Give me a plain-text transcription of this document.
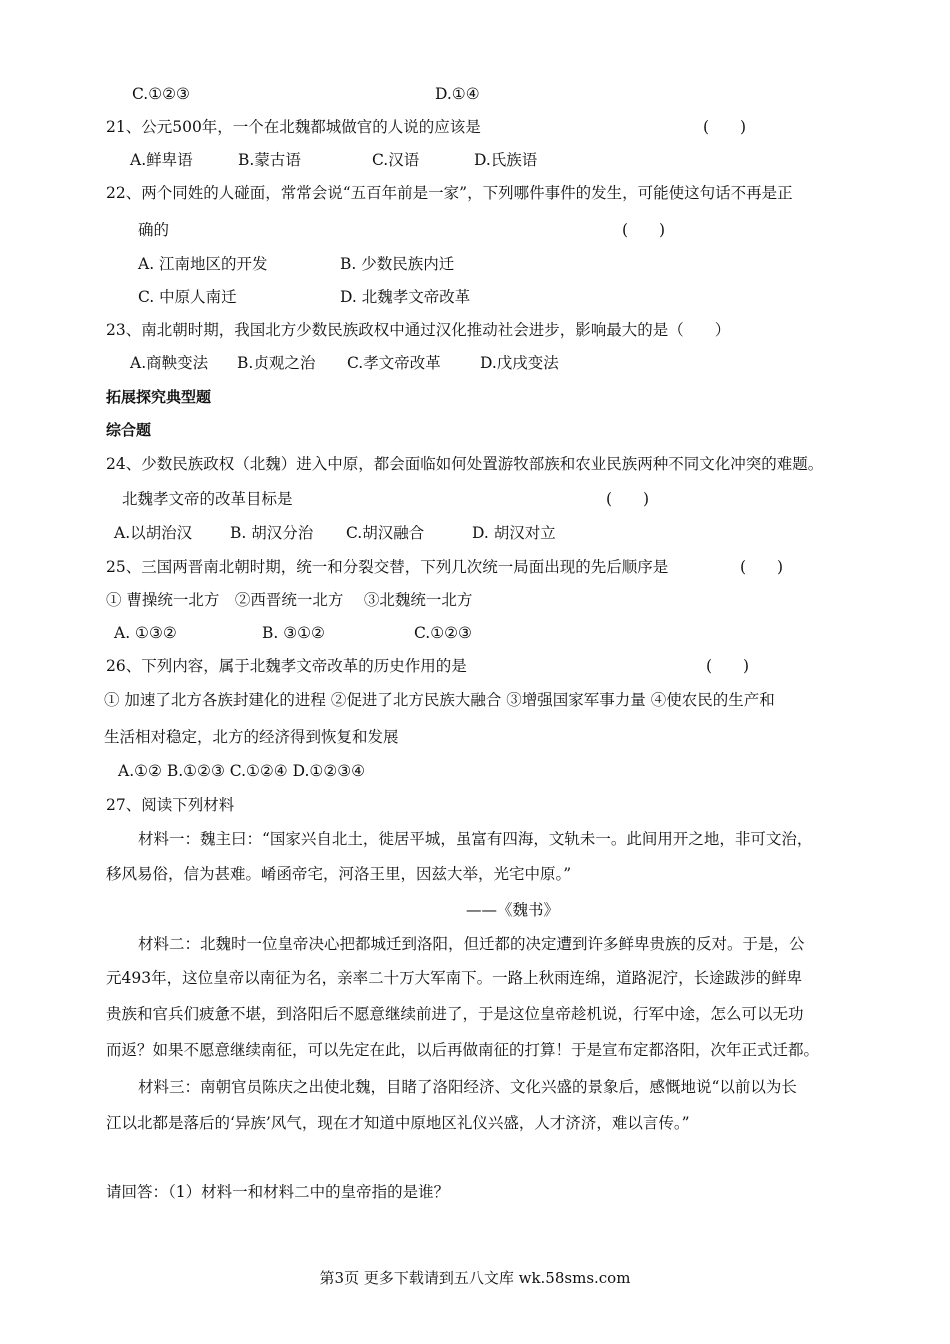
C.①②③	D.①④
21、公元500年，一个在北魏都城做官的人说的应该是	(　　)
A.鲜卑语	B.蒙古语	C.汉语	D.氏族语
22、两个同姓的人碰面，常常会说“五百年前是一家”，下列哪件事件的发生，可能使这句话不再是正
确的	(　　)
A. 江南地区的开发	B. 少数民族内迁
C. 中原人南迁	D. 北魏孝文帝改革
23、南北朝时期，我国北方少数民族政权中通过汉化推动社会进步，影响最大的是（　　）
A.商鞅变法 B.贞观之治 C.孝文帝改革	D.戊戌变法
拓展探究典型题
综合题
24、少数民族政权（北魏）进入中原，都会面临如何处置游牧部族和农业民族两种不同文化冲突的难题。
北魏孝文帝的改革目标是	(　　)
A.以胡治汉 B. 胡汉分治 C.胡汉融合	D. 胡汉对立
25、三国两晋南北朝时期，统一和分裂交替，下列几次统一局面出现的先后顺序是	(　　)
① 曹操统一北方　②西晋统一北方　 ③北魏统一北方
A. ①③②	B. ③①②	C.①②③
26、下列内容，属于北魏孝文帝改革的历史作用的是	(　　)
① 加速了北方各族封建化的进程 ②促进了北方民族大融合 ③增强国家军事力量 ④使农民的生产和
生活相对稳定，北方的经济得到恢复和发展
A.①② B.①②③ C.①②④ D.①②③④
27、阅读下列材料
材料一：魏主曰：“国家兴自北土，徙居平城，虽富有四海，文轨未一。此间用开之地，非可文治，
移风易俗，信为甚难。崤函帝宅，河洛王里，因兹大举，光宅中原。”
——《魏书》
材料二：北魏时一位皇帝决心把都城迁到洛阳，但迁都的决定遭到许多鲜卑贵族的反对。于是，公
元493年，这位皇帝以南征为名，亲率二十万大军南下。一路上秋雨连绵，道路泥泞，长途跋涉的鲜卑
贵族和官兵们疲惫不堪，到洛阳后不愿意继续前进了，于是这位皇帝趁机说，行军中途，怎么可以无功
而返？如果不愿意继续南征，可以先定在此，以后再做南征的打算！于是宣布定都洛阳，次年正式迁都。
材料三：南朝官员陈庆之出使北魏，目睹了洛阳经济、文化兴盛的景象后，感慨地说“以前以为长
江以北都是落后的‘异族’风气，现在才知道中原地区礼仪兴盛，人才济济，难以言传。”
请回答：（1）材料一和材料二中的皇帝指的是谁？
第3页 更多下载请到五八文库 wk.58sms.com
